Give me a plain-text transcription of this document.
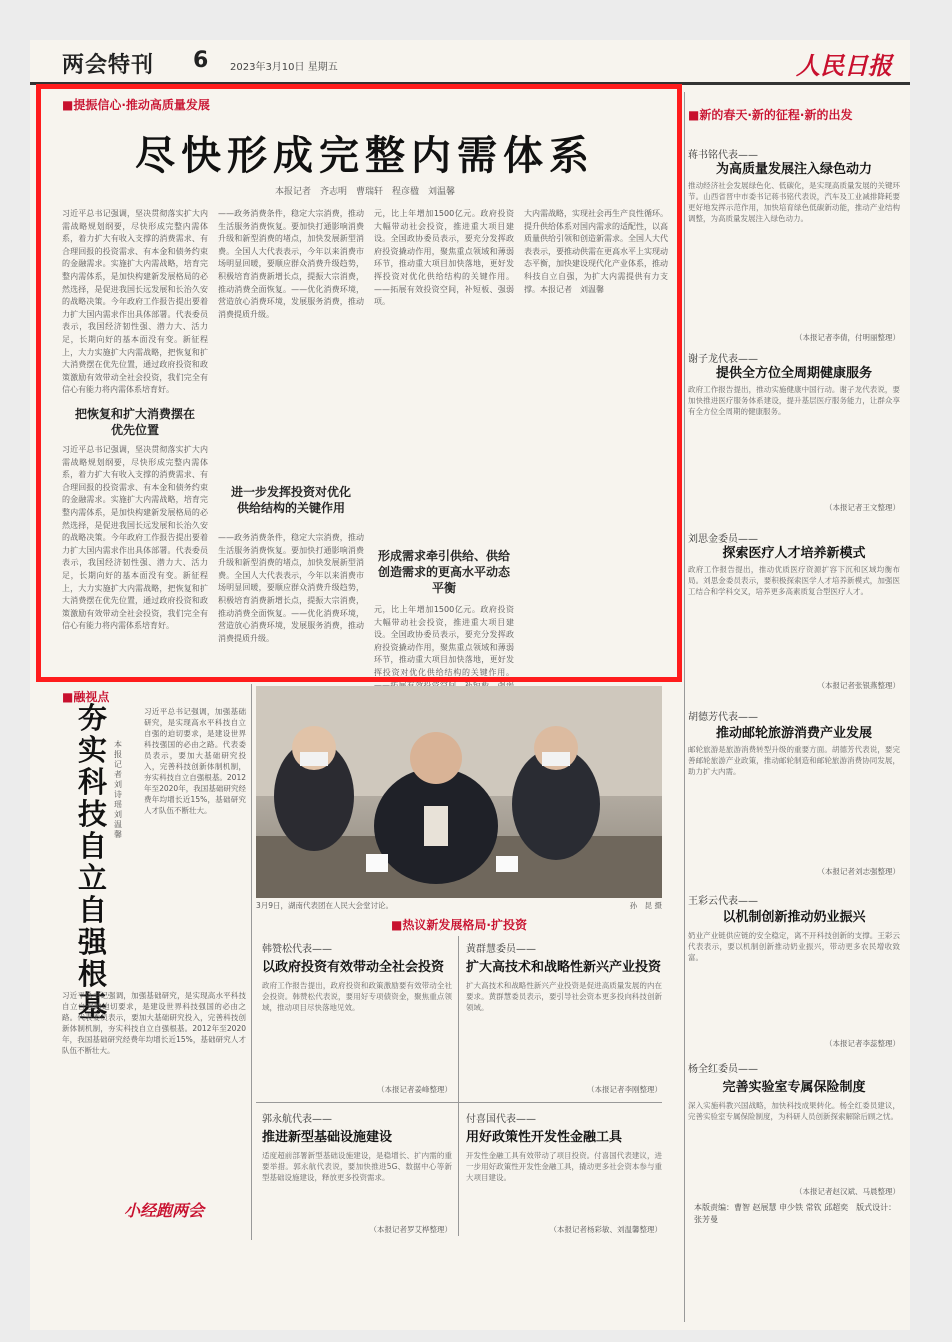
两会特刊 6 2023年3月10日 星期五	人民日报
■提振信心·推动高质量发展
尽快形成完整内需体系
本报记者　齐志明　曹瑞轩　程彦楹　刘温馨
习近平总书记强调，坚决贯彻落实扩大内需战略规划纲要，尽快形成完整内需体系，着力扩大有收入支撑的消费需求、有合理回报的投资需求、有本金和债务约束的金融需求。实施扩大内需战略，培育完整内需体系，是加快构建新发展格局的必然选择，是促进我国长远发展和长治久安的战略决策。今年政府工作报告提出要着力扩大国内需求作出具体部署。代表委员表示，我国经济韧性强、潜力大、活力足，长期向好的基本面没有变。新征程上，大力实施扩大内需战略，把恢复和扩大消费摆在优先位置，通过政府投资和政策激励有效带动全社会投资，我们完全有信心有能力将内需体系培育好。
把恢复和扩大消费摆在优先位置
习近平总书记强调，坚决贯彻落实扩大内需战略规划纲要，尽快形成完整内需体系，着力扩大有收入支撑的消费需求、有合理回报的投资需求、有本金和债务约束的金融需求。实施扩大内需战略，培育完整内需体系，是加快构建新发展格局的必然选择，是促进我国长远发展和长治久安的战略决策。今年政府工作报告提出要着力扩大国内需求作出具体部署。代表委员表示，我国经济韧性强、潜力大、活力足，长期向好的基本面没有变。新征程上，大力实施扩大内需战略，把恢复和扩大消费摆在优先位置，通过政府投资和政策激励有效带动全社会投资，我们完全有信心有能力将内需体系培育好。
——政务消费条件，稳定大宗消费，推动生活服务消费恢复。要加快打通影响消费升级和新型消费的堵点，加快发展新型消费。全国人大代表表示，今年以来消费市场明显回暖，要顺应群众消费升级趋势，积极培育消费新增长点，提振大宗消费，推动消费全面恢复。——优化消费环境，营造放心消费环境，发展服务消费，推动消费提质升级。
进一步发挥投资对优化供给结构的关键作用
——政务消费条件，稳定大宗消费，推动生活服务消费恢复。要加快打通影响消费升级和新型消费的堵点，加快发展新型消费。全国人大代表表示，今年以来消费市场明显回暖，要顺应群众消费升级趋势，积极培育消费新增长点，提振大宗消费，推动消费全面恢复。——优化消费环境，营造放心消费环境，发展服务消费，推动消费提质升级。
元，比上年增加1500亿元。政府投资大幅带动社会投资，推进重大项目建设。全国政协委员表示，要充分发挥政府投资撬动作用，聚焦重点领域和薄弱环节，推动重大项目加快落地，更好发挥投资对优化供给结构的关键作用。——拓展有效投资空间，补短板、强弱项。
形成需求牵引供给、供给创造需求的更高水平动态平衡
元，比上年增加1500亿元。政府投资大幅带动社会投资，推进重大项目建设。全国政协委员表示，要充分发挥政府投资撬动作用，聚焦重点领域和薄弱环节，推动重大项目加快落地，更好发挥投资对优化供给结构的关键作用。
大内需战略，实现社会再生产良性循环。提升供给体系对国内需求的适配性，以高质量供给引领和创造新需求。全国人大代表表示，要推动供需在更高水平上实现动态平衡，加快建设现代化产业体系，推动科技自立自强，为扩大内需提供有力支撑。本报记者　刘温馨
■新的春天·新的征程·新的出发
蒋书铭代表——
为高质量发展注入绿色动力
推动经济社会发展绿色化、低碳化，是实现高质量发展的关键环节。山西省晋中市委书记蒋书铭代表说，汽车及工业减排降耗要更好地发挥示范作用，加快培育绿色低碳新动能，推动产业结构调整，为高质量发展注入绿色动力。
（本报记者李倩，付明丽整理）
谢子龙代表——
提供全方位全周期健康服务
政府工作报告提出，推动实施健康中国行动。谢子龙代表说，要加快推进医疗服务体系建设，提升基层医疗服务能力，让群众享有全方位全周期的健康服务。
（本报记者王文整理）
刘思金委员——
探索医疗人才培养新模式
政府工作报告提出，推动优质医疗资源扩容下沉和区域均衡布局。刘思金委员表示，要积极探索医学人才培养新模式，加强医工结合和学科交叉，培养更多高素质复合型医疗人才。
（本报记者张银燕整理）
胡德芳代表——
推动邮轮旅游消费产业发展
邮轮旅游是旅游消费转型升级的重要方面。胡德芳代表说，要完善邮轮旅游产业政策，推动邮轮制造和邮轮旅游消费协同发展，助力扩大内需。
（本报记者刘志强整理）
王彩云代表——
以机制创新推动奶业振兴
奶业产业链供应链的安全稳定，离不开科技创新的支撑。王彩云代表表示，要以机制创新推动奶业振兴，带动更多农民增收致富。
（本报记者李蕊整理）
杨全红委员——
完善实验室专属保险制度
深入实施科教兴国战略，加快科技成果转化。杨全红委员建议，完善实验室专属保险制度，为科研人员创新探索解除后顾之忧。
（本报记者赵汉斌、马晨整理）
本版责编：曹智 赵展慧 申少铁 常钦 邱超奕　版式设计：张芳曼
■融视点
夯实科技自立自强根基
本报记者 刘诗瑶 刘温馨
习近平总书记强调，加强基础研究，是实现高水平科技自立自强的迫切要求，是建设世界科技强国的必由之路。代表委员表示，要加大基础研究投入，完善科技创新体制机制，夯实科技自立自强根基。2012年至2020年，我国基础研究经费年均增长近15%，基础研究人才队伍不断壮大。
习近平总书记强调，加强基础研究，是实现高水平科技自立自强的迫切要求，是建设世界科技强国的必由之路。代表委员表示，要加大基础研究投入，完善科技创新体制机制，夯实科技自立自强根基。2012年至2020年，我国基础研究经费年均增长近15%，基础研究人才队伍不断壮大。
小经跑两会
3月9日，湖南代表团在人民大会堂讨论。	孙　昆 摄
■热议新发展格局·扩投资
韩赞松代表——
以政府投资有效带动全社会投资
政府工作报告提出，政府投资和政策激励要有效带动全社会投资。韩赞松代表说，要用好专项债资金，聚焦重点领域，推动项目尽快落地见效。
（本报记者姜峰整理）
黄群慧委员——
扩大高技术和战略性新兴产业投资
扩大高技术和战略性新兴产业投资是促进高质量发展的内在要求。黄群慧委员表示，要引导社会资本更多投向科技创新领域。
（本报记者李刚整理）
郭永航代表——
推进新型基础设施建设
适度超前部署新型基础设施建设，是稳增长、扩内需的重要举措。郭永航代表说，要加快推进5G、数据中心等新型基础设施建设，释放更多投资需求。
（本报记者罗艾桦整理）
付喜国代表——
用好政策性开发性金融工具
开发性金融工具有效带动了项目投资。付喜国代表建议，进一步用好政策性开发性金融工具，撬动更多社会资本参与重大项目建设。
（本报记者杨彩敏、刘温馨整理）
